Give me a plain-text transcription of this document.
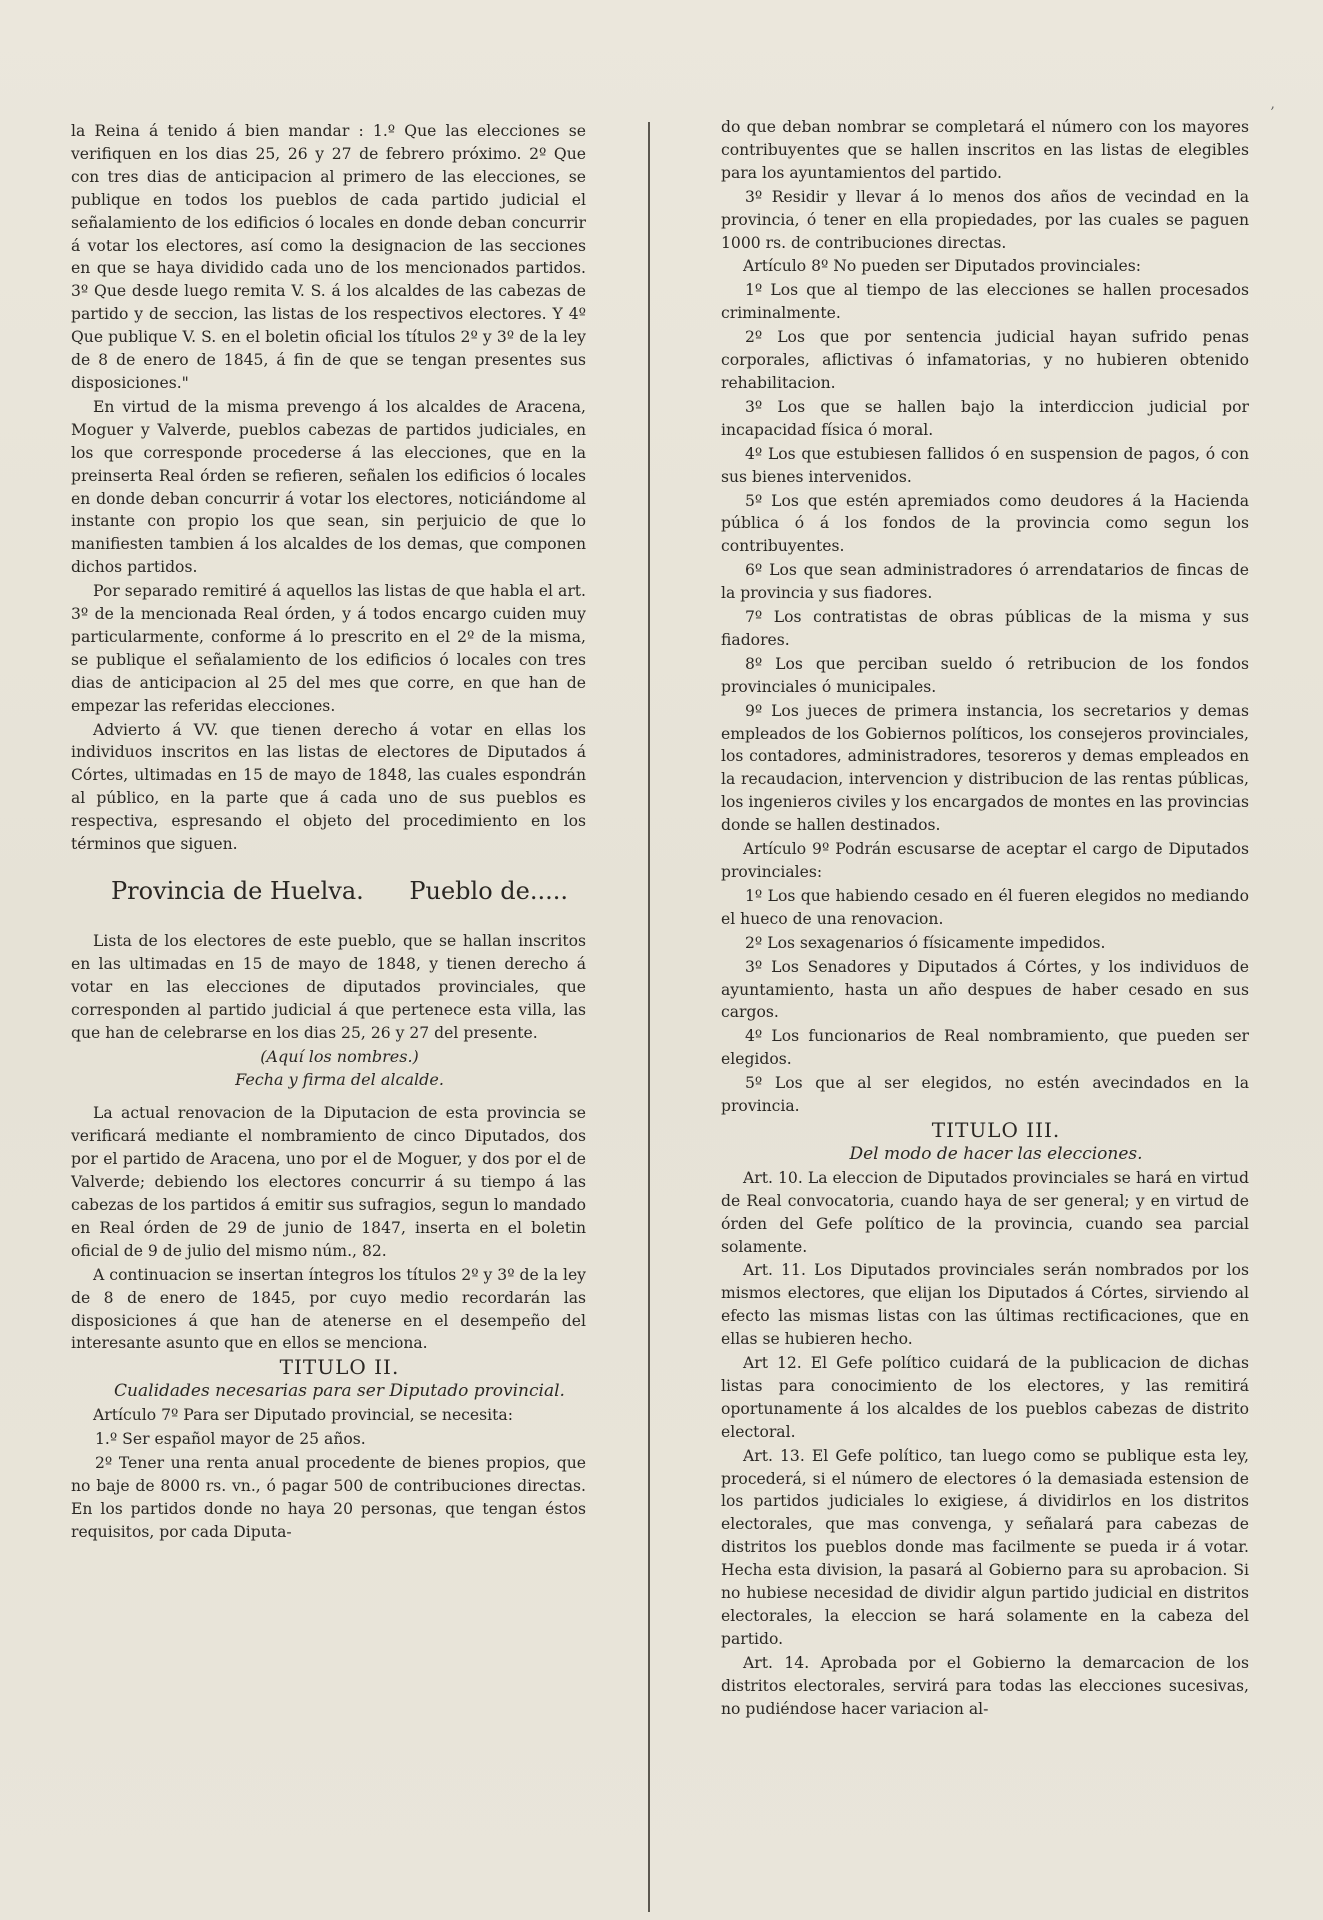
,

la Reina á tenido á bien mandar : 1.º Que las elecciones se verifiquen en los dias 25, 26 y 27 de febrero próximo. 2º Que con tres dias de anticipacion al primero de las elecciones, se publique en todos los pueblos de cada partido judicial el señalamiento de los edificios ó locales en donde deban concurrir á votar los electores, así como la designacion de las secciones en que se haya dividido cada uno de los mencionados partidos. 3º Que desde luego remita V. S. á los alcaldes de las cabezas de partido y de seccion, las listas de los respectivos electores. Y 4º Que publique V. S. en el boletin oficial los títulos 2º y 3º de la ley de 8 de enero de 1845, á fin de que se tengan presentes sus disposiciones."

En virtud de la misma prevengo á los alcaldes de Aracena, Moguer y Valverde, pueblos cabezas de partidos judiciales, en los que corresponde procederse á las elecciones, que en la preinserta Real órden se refieren, señalen los edificios ó locales en donde deban concurrir á votar los electores, noticiándome al instante con propio los que sean, sin perjuicio de que lo manifiesten tambien á los alcaldes de los demas, que componen dichos partidos.

Por separado remitiré á aquellos las listas de que habla el art. 3º de la mencionada Real órden, y á todos encargo cuiden muy particularmente, conforme á lo prescrito en el 2º de la misma, se publique el señalamiento de los edificios ó locales con tres dias de anticipacion al 25 del mes que corre, en que han de empezar las referidas elecciones.

Advierto á VV. que tienen derecho á votar en ellas los individuos inscritos en las listas de electores de Diputados á Córtes, ultimadas en 15 de mayo de 1848, las cuales espondrán al público, en la parte que á cada uno de sus pueblos es respectiva, espresando el objeto del procedimiento en los términos que siguen.

Provincia de Huelva. Pueblo de.....

Lista de los electores de este pueblo, que se hallan inscritos en las ultimadas en 15 de mayo de 1848, y tienen derecho á votar en las elecciones de diputados provinciales, que corresponden al partido judicial á que pertenece esta villa, las que han de celebrarse en los dias 25, 26 y 27 del presente.

(Aquí los nombres.)

Fecha y firma del alcalde.

La actual renovacion de la Diputacion de esta provincia se verificará mediante el nombramiento de cinco Diputados, dos por el partido de Aracena, uno por el de Moguer, y dos por el de Valverde; debiendo los electores concurrir á su tiempo á las cabezas de los partidos á emitir sus sufragios, segun lo mandado en Real órden de 29 de junio de 1847, inserta en el boletin oficial de 9 de julio del mismo núm., 82.

A continuacion se insertan íntegros los títulos 2º y 3º de la ley de 8 de enero de 1845, por cuyo medio recordarán las disposiciones á que han de atenerse en el desempeño del interesante asunto que en ellos se menciona.

TITULO II.

Cualidades necesarias para ser Diputado provincial.

Artículo 7º Para ser Diputado provincial, se necesita:

1.º Ser español mayor de 25 años.

2º Tener una renta anual procedente de bienes propios, que no baje de 8000 rs. vn., ó pagar 500 de contribuciones directas. En los partidos donde no haya 20 personas, que tengan éstos requisitos, por cada Diputa-

do que deban nombrar se completará el número con los mayores contribuyentes que se hallen inscritos en las listas de elegibles para los ayuntamientos del partido.

3º Residir y llevar á lo menos dos años de vecindad en la provincia, ó tener en ella propiedades, por las cuales se paguen 1000 rs. de contribuciones directas.

Artículo 8º No pueden ser Diputados provinciales:

1º Los que al tiempo de las elecciones se hallen procesados criminalmente.

2º Los que por sentencia judicial hayan sufrido penas corporales, aflictivas ó infamatorias, y no hubieren obtenido rehabilitacion.

3º Los que se hallen bajo la interdiccion judicial por incapacidad física ó moral.

4º Los que estubiesen fallidos ó en suspension de pagos, ó con sus bienes intervenidos.

5º Los que estén apremiados como deudores á la Hacienda pública ó á los fondos de la provincia como segun los contribuyentes.

6º Los que sean administradores ó arrendatarios de fincas de la provincia y sus fiadores.

7º Los contratistas de obras públicas de la misma y sus fiadores.

8º Los que perciban sueldo ó retribucion de los fondos provinciales ó municipales.

9º Los jueces de primera instancia, los secretarios y demas empleados de los Gobiernos políticos, los consejeros provinciales, los contadores, administradores, tesoreros y demas empleados en la recaudacion, intervencion y distribucion de las rentas públicas, los ingenieros civiles y los encargados de montes en las provincias donde se hallen destinados.

Artículo 9º Podrán escusarse de aceptar el cargo de Diputados provinciales:

1º Los que habiendo cesado en él fueren elegidos no mediando el hueco de una renovacion.

2º Los sexagenarios ó físicamente impedidos.

3º Los Senadores y Diputados á Córtes, y los individuos de ayuntamiento, hasta un año despues de haber cesado en sus cargos.

4º Los funcionarios de Real nombramiento, que pueden ser elegidos.

5º Los que al ser elegidos, no estén avecindados en la provincia.

TITULO III.

Del modo de hacer las elecciones.

Art. 10. La eleccion de Diputados provinciales se hará en virtud de Real convocatoria, cuando haya de ser general; y en virtud de órden del Gefe político de la provincia, cuando sea parcial solamente.

Art. 11. Los Diputados provinciales serán nombrados por los mismos electores, que elijan los Diputados á Córtes, sirviendo al efecto las mismas listas con las últimas rectificaciones, que en ellas se hubieren hecho.

Art 12. El Gefe político cuidará de la publicacion de dichas listas para conocimiento de los electores, y las remitirá oportunamente á los alcaldes de los pueblos cabezas de distrito electoral.

Art. 13. El Gefe político, tan luego como se publique esta ley, procederá, si el número de electores ó la demasiada estension de los partidos judiciales lo exigiese, á dividirlos en los distritos electorales, que mas convenga, y señalará para cabezas de distritos los pueblos donde mas facilmente se pueda ir á votar. Hecha esta division, la pasará al Gobierno para su aprobacion. Si no hubiese necesidad de dividir algun partido judicial en distritos electorales, la eleccion se hará solamente en la cabeza del partido.

Art. 14. Aprobada por el Gobierno la demarcacion de los distritos electorales, servirá para todas las elecciones sucesivas, no pudiéndose hacer variacion al-
